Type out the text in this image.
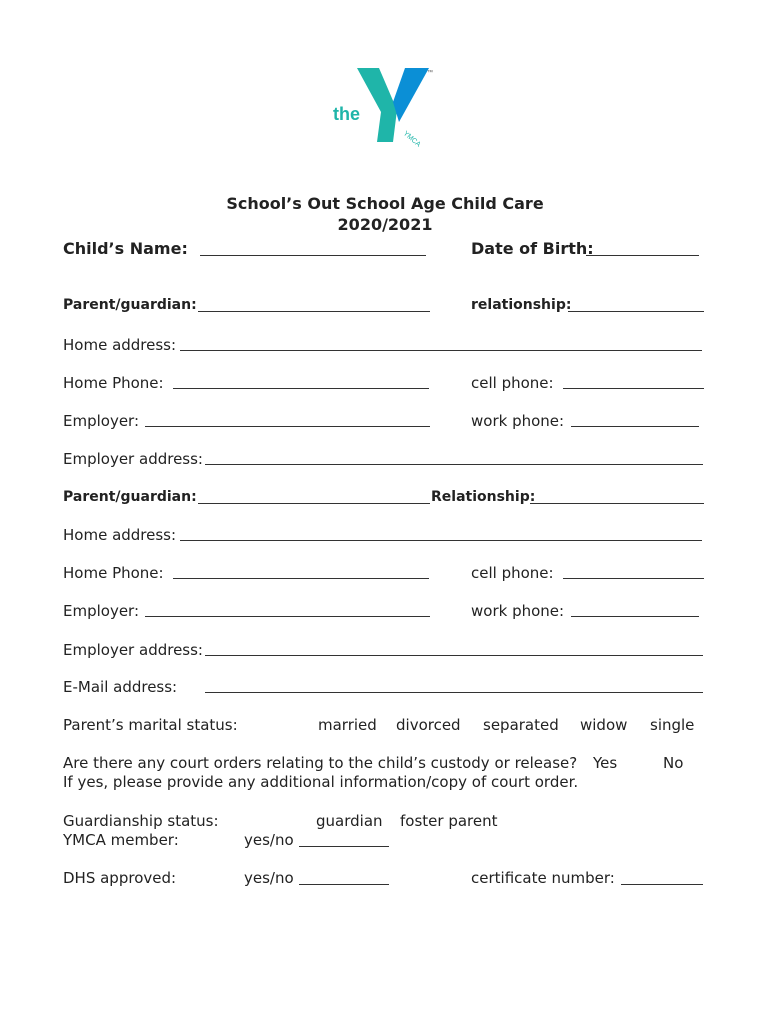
the
YMCA
™
School’s Out School Age Child Care
2020/2021
Child’s Name:	Date of Birth:
Parent/guardian:	relationship:
Home address:
Home Phone:	cell phone:
Employer:	work phone:
Employer address:
Parent/guardian:	Relationship:
Home address:
Home Phone:	cell phone:
Employer:	work phone:
Employer address:
E-Mail address:
Parent’s marital status:	married divorced separated widow single
Are there any court orders relating to the child’s custody or release? Yes	No
If yes, please provide any additional information/copy of court order.
Guardianship status:	guardian foster parent
YMCA member:	yes/no
DHS approved:	yes/no	certificate number:
